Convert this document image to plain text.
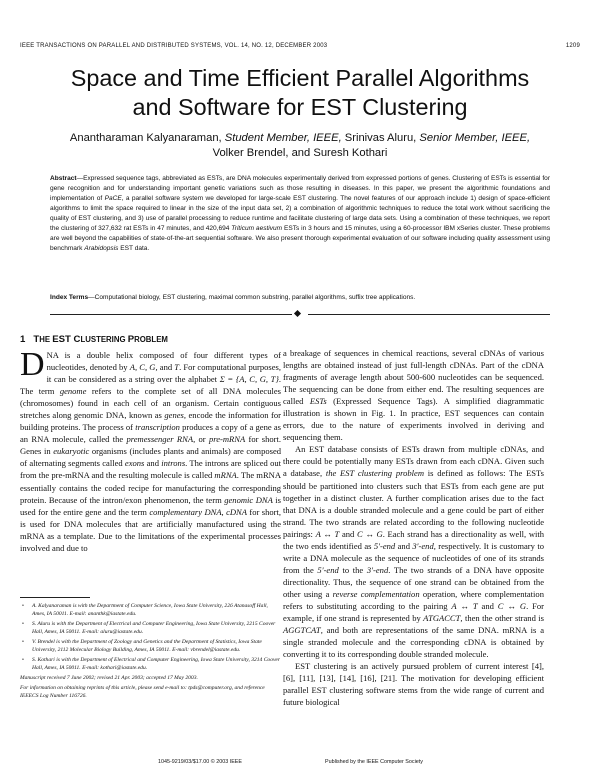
IEEE TRANSACTIONS ON PARALLEL AND DISTRIBUTED SYSTEMS, VOL. 14, NO. 12, DECEMBER 2003	1209
Space and Time Efficient Parallel Algorithms
and Software for EST Clustering
Anantharaman Kalyanaraman, Student Member, IEEE, Srinivas Aluru, Senior Member, IEEE,
Volker Brendel, and Suresh Kothari
Abstract—Expressed sequence tags, abbreviated as ESTs, are DNA molecules experimentally derived from expressed portions of genes. Clustering of ESTs is essential for gene recognition and for understanding important genetic variations such as those resulting in diseases. In this paper, we present the algorithmic foundations and implementation of PaCE, a parallel software system we developed for large-scale EST clustering. The novel features of our approach include 1) design of space-efficient algorithms to limit the space required to linear in the size of the input data set, 2) a combination of algorithmic techniques to reduce the total work without sacrificing the quality of EST clustering, and 3) use of parallel processing to reduce runtime and facilitate clustering of large data sets. Using a combination of these techniques, we report the clustering of 327,632 rat ESTs in 47 minutes, and 420,694 Triticum aestivum ESTs in 3 hours and 15 minutes, using a 60-processor IBM xSeries cluster. These problems are well beyond the capabilities of state-of-the-art sequential software. We also present thorough experimental evaluation of our software including quality assessment using benchmark Arabidopsis EST data.
Index Terms—Computational biology, EST clustering, maximal common substring, parallel algorithms, suffix tree applications.
1 THE EST CLUSTERING PROBLEM

DNA is a double helix composed of four different types of nucleotides, denoted by A, C, G, and T. For computational purposes, it can be considered as a string over the alphabet Σ = {A, C, G, T}. The term genome refers to the complete set of all DNA molecules (chromosomes) found in each cell of an organism. Certain contiguous stretches along genomic DNA, known as genes, encode the information for building proteins. The process of transcription produces a copy of a gene as an RNA molecule, called the premessenger RNA, or pre-mRNA for short. Genes in eukaryotic organisms (includes plants and animals) are composed of alternating segments called exons and introns. The introns are spliced out from the pre-mRNA and the resulting molecule is called mRNA. The mRNA essentially contains the coded recipe for manufacturing the corresponding protein. Because of the intron/exon phenomenon, the term genomic DNA is used for the entire gene and the term complementary DNA, cDNA for short, is used for DNA molecules that are artificially manufactured using the mRNA as a template. Due to the limitations of the experimental processes involved and due to

• A. Kalyanaraman is with the Department of Computer Science, Iowa State University, 226 Atanasoff Hall, Ames, IA 50011. E-mail: ananthk@iastate.edu.
• S. Aluru is with the Department of Electrical and Computer Engineering, Iowa State University, 2215 Coover Hall, Ames, IA 50011. E-mail: aluru@iastate.edu.
• V. Brendel is with the Department of Zoology and Genetics and the Department of Statistics, Iowa State University, 2112 Molecular Biology Building, Ames, IA 50011. E-mail: vbrendel@iastate.edu.
• S. Kothari is with the Department of Electrical and Computer Engineering, Iowa State University, 3214 Coover Hall, Ames, IA 50011. E-mail: kothari@iastate.edu.
Manuscript received 7 June 2002; revised 21 Apr. 2003; accepted 17 May 2003.
For information on obtaining reprints of this article, please send e-mail to: tpds@computer.org, and reference IEEECS Log Number 116726.

a breakage of sequences in chemical reactions, several cDNAs of various lengths are obtained instead of just full-length cDNAs. Part of the cDNA fragments of average length about 500-600 nucleotides can be sequenced. The sequencing can be done from either end. The resulting sequences are called ESTs (Expressed Sequence Tags). A simplified diagrammatic illustration is shown in Fig. 1. In practice, EST sequences can contain errors, due to the nature of experiments involved in deriving and sequencing them.

An EST database consists of ESTs drawn from multiple cDNAs, and there could be potentially many ESTs drawn from each cDNA. Given such a database, the EST clustering problem is defined as follows: The ESTs should be partitioned into clusters such that ESTs from each gene are put together in a distinct cluster. A further complication arises due to the fact that DNA is a double stranded molecule and a gene could be part of either strand. The two strands are related according to the following nucleotide pairings: A ↔ T and C ↔ G. Each strand has a directionality as well, with the two ends identified as 5′-end and 3′-end, respectively. It is customary to write a DNA molecule as the sequence of nucleotides of one of its strands from the 5′-end to the 3′-end. The two strands of a DNA have opposite directionality. Thus, the sequence of one strand can be obtained from the other using a reverse complementation operation, where complementation refers to substituting according to the pairing A ↔ T and C ↔ G. For example, if one strand is represented by ATGACCT, then the other strand is AGGTCAT, and both are representations of the same DNA. mRNA is a single stranded molecule and the corresponding cDNA is obtained by converting it to its corresponding double stranded molecule.

EST clustering is an actively pursued problem of current interest [4], [6], [11], [13], [14], [16], [21]. The motivation for developing efficient parallel EST clustering software stems from the wide range of current and future biological

1045-9219/03/$17.00 © 2003 IEEE	Published by the IEEE Computer Society
